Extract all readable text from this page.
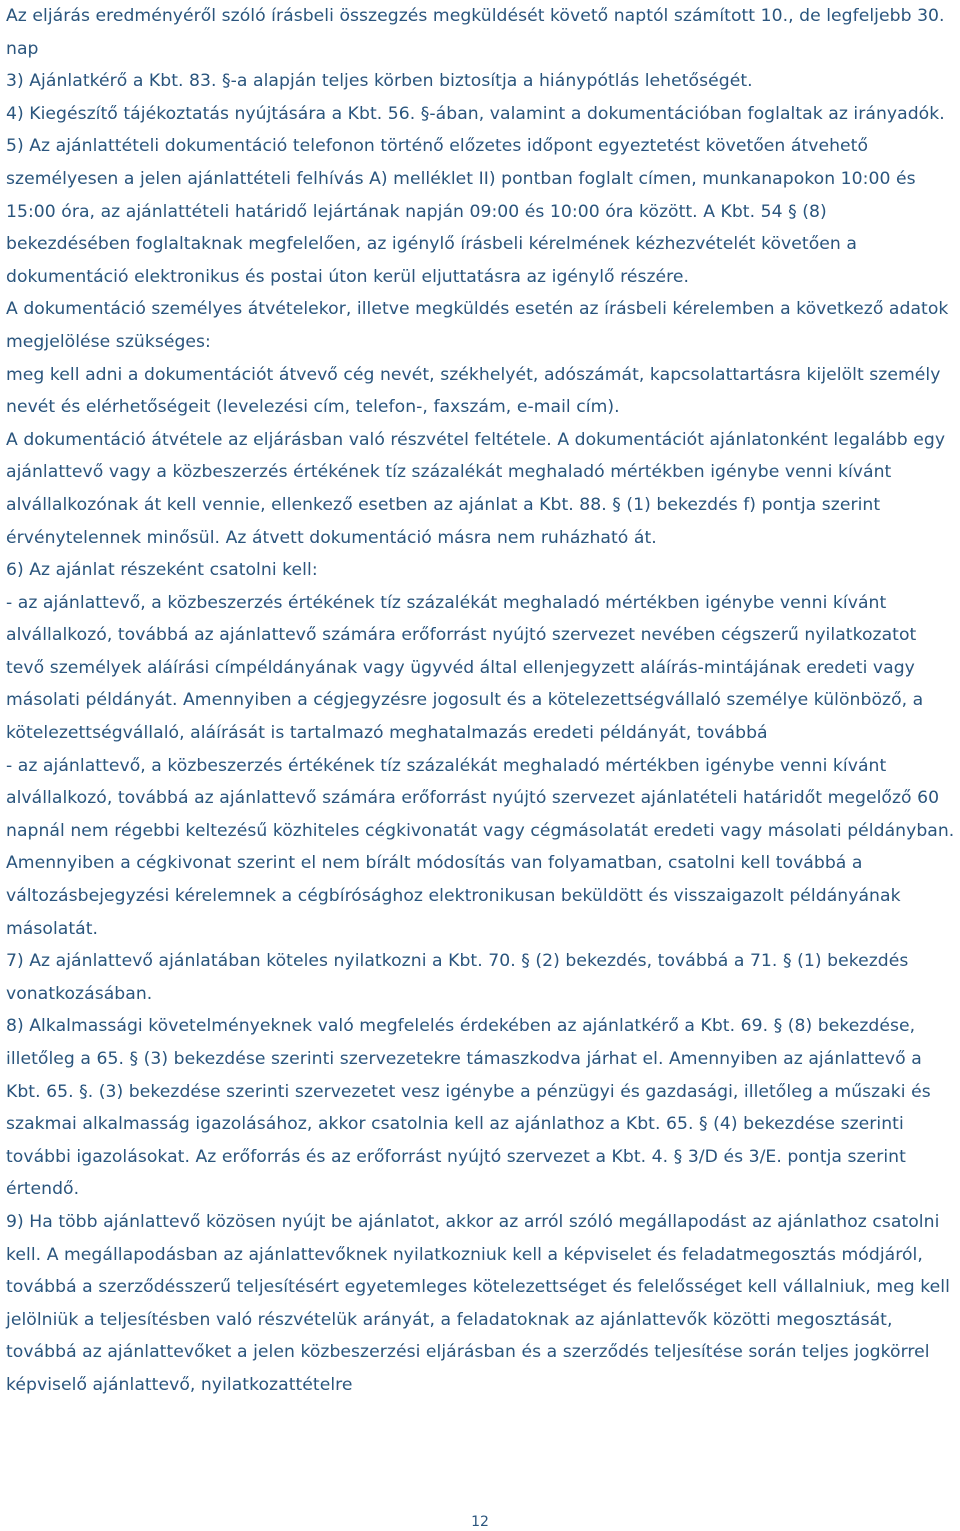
Az eljárás eredményéről szóló írásbeli összegzés megküldését követő naptól számított 10., de legfeljebb 30. nap

3) Ajánlatkérő a Kbt. 83. §-a alapján teljes körben biztosítja a hiánypótlás lehetőségét.

4) Kiegészítő tájékoztatás nyújtására a Kbt. 56. §-ában, valamint a dokumentációban foglaltak az irányadók.

5) Az ajánlattételi dokumentáció telefonon történő előzetes időpont egyeztetést követően átvehető személyesen a jelen ajánlattételi felhívás A) melléklet II) pontban foglalt címen, munkanapokon 10:00 és 15:00 óra, az ajánlattételi határidő lejártának napján 09:00 és 10:00 óra között. A Kbt. 54 § (8) bekezdésében foglaltaknak megfelelően, az igénylő írásbeli kérelmének kézhezvételét követően a dokumentáció elektronikus és postai úton kerül eljuttatásra az igénylő részére.

A dokumentáció személyes átvételekor, illetve megküldés esetén az írásbeli kérelemben a következő adatok megjelölése szükséges:

meg kell adni a dokumentációt átvevő cég nevét, székhelyét, adószámát, kapcsolattartásra kijelölt személy nevét és elérhetőségeit (levelezési cím, telefon-, faxszám, e-mail cím).

A dokumentáció átvétele az eljárásban való részvétel feltétele. A dokumentációt ajánlatonként legalább egy ajánlattevő vagy a közbeszerzés értékének tíz százalékát meghaladó mértékben igénybe venni kívánt alvállalkozónak át kell vennie, ellenkező esetben az ajánlat a Kbt. 88. § (1) bekezdés f) pontja szerint érvénytelennek minősül. Az átvett dokumentáció másra nem ruházható át.

6) Az ajánlat részeként csatolni kell:

- az ajánlattevő, a közbeszerzés értékének tíz százalékát meghaladó mértékben igénybe venni kívánt alvállalkozó, továbbá az ajánlattevő számára erőforrást nyújtó szervezet nevében cégszerű nyilatkozatot tevő személyek aláírási címpéldányának vagy ügyvéd által ellenjegyzett aláírás-mintájának eredeti vagy másolati példányát. Amennyiben a cégjegyzésre jogosult és a kötelezettségvállaló személye különböző, a kötelezettségvállaló, aláírását is tartalmazó meghatalmazás eredeti példányát, továbbá

- az ajánlattevő, a közbeszerzés értékének tíz százalékát meghaladó mértékben igénybe venni kívánt alvállalkozó, továbbá az ajánlattevő számára erőforrást nyújtó szervezet ajánlatételi határidőt megelőző 60 napnál nem régebbi keltezésű közhiteles cégkivonatát vagy cégmásolatát eredeti vagy másolati példányban. Amennyiben a cégkivonat szerint el nem bírált módosítás van folyamatban, csatolni kell továbbá a változásbejegyzési kérelemnek a cégbírósághoz elektronikusan beküldött és visszaigazolt példányának másolatát.

7) Az ajánlattevő ajánlatában köteles nyilatkozni a Kbt. 70. § (2) bekezdés, továbbá a 71. § (1) bekezdés vonatkozásában.

8) Alkalmassági követelményeknek való megfelelés érdekében az ajánlatkérő a Kbt. 69. § (8) bekezdése, illetőleg a 65. § (3) bekezdése szerinti szervezetekre támaszkodva járhat el. Amennyiben az ajánlattevő a Kbt. 65. §. (3) bekezdése szerinti szervezetet vesz igénybe a pénzügyi és gazdasági, illetőleg a műszaki és szakmai alkalmasság igazolásához, akkor csatolnia kell az ajánlathoz a Kbt. 65. § (4) bekezdése szerinti további igazolásokat. Az erőforrás és az erőforrást nyújtó szervezet a Kbt. 4. § 3/D és 3/E. pontja szerint értendő.

9) Ha több ajánlattevő közösen nyújt be ajánlatot, akkor az arról szóló megállapodást az ajánlathoz csatolni kell. A megállapodásban az ajánlattevőknek nyilatkozniuk kell a képviselet és feladatmegosztás módjáról, továbbá a szerződésszerű teljesítésért egyetemleges kötelezettséget és felelősséget kell vállalniuk, meg kell jelölniük a teljesítésben való részvételük arányát, a feladatoknak az ajánlattevők közötti megosztását, továbbá az ajánlattevőket a jelen közbeszerzési eljárásban és a szerződés teljesítése során teljes jogkörrel képviselő ajánlattevő, nyilatkozattételre

12
